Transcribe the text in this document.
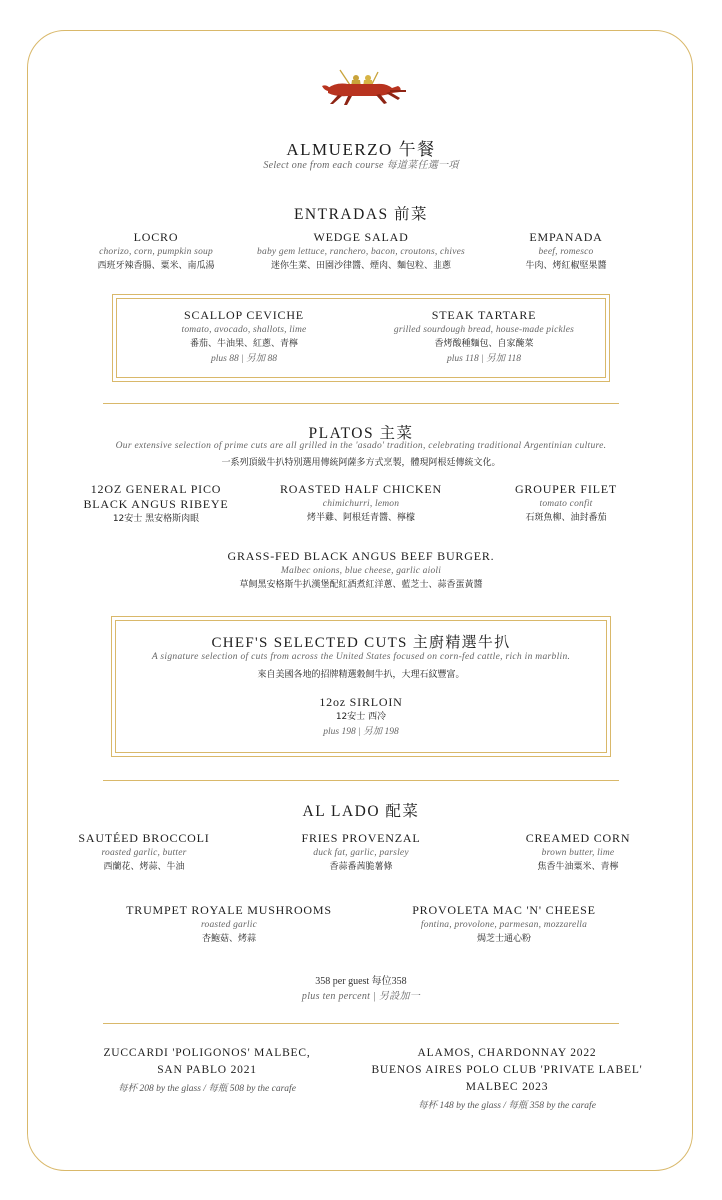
ALMUERZO 午餐
Select one from each course 每道菜任選一項
ENTRADAS 前菜
LOCRO
chorizo, corn, pumpkin soup
西班牙辣香腸、粟米、南瓜湯
WEDGE SALAD
baby gem lettuce, ranchero, bacon, croutons, chives
迷你生菜、田園沙律醬、煙肉、麵包粒、韭蔥
EMPANADA
beef, romesco
牛肉、烤紅椒堅果醬
SCALLOP CEVICHE
tomato, avocado, shallots, lime
番茄、牛油果、紅蔥、青檸
plus 88 | 另加 88
STEAK TARTARE
grilled sourdough bread, house-made pickles
香烤酸種麵包、自家醃菜
plus 118 | 另加 118
PLATOS 主菜
Our extensive selection of prime cuts are all grilled in the 'asado' tradition, celebrating traditional Argentinian culture.
一系列頂級牛扒特別選用傳統阿薩多方式烹製，體現阿根廷傳統文化。
12OZ GENERAL PICO
BLACK ANGUS RIBEYE
12安士 黑安格斯肉眼
ROASTED HALF CHICKEN
chimichurri, lemon
烤半雞、阿根廷青醬、檸檬
GROUPER FILET
tomato confit
石斑魚柳、油封番茄
GRASS-FED BLACK ANGUS BEEF BURGER.
Malbec onions, blue cheese, garlic aioli
草飼黑安格斯牛扒漢堡配紅酒煮紅洋蔥、藍芝士、蒜香蛋黃醬
CHEF'S SELECTED CUTS 主廚精選牛扒
A signature selection of cuts from across the United States focused on corn-fed cattle, rich in marblin.
來自美國各地的招牌精選穀飼牛扒，大理石紋豐富。
12oz SIRLOIN
12安士 西冷
plus 198 | 另加 198
AL LADO 配菜
SAUTÉED BROCCOLI
roasted garlic, butter
西蘭花、烤蒜、牛油
FRIES PROVENZAL
duck fat, garlic, parsley
香蒜番茜脆薯條
CREAMED CORN
brown butter, lime
焦香牛油粟米、青檸
TRUMPET ROYALE MUSHROOMS
roasted garlic
杏鮑菇、烤蒜
PROVOLETA MAC 'N' CHEESE
fontina, provolone, parmesan, mozzarella
焗芝士通心粉
358 per guest 每位358
plus ten percent | 另設加一
ZUCCARDI 'POLIGONOS' MALBEC,
SAN PABLO 2021
每杯 208 by the glass / 每瓶 508 by the carafe
ALAMOS, CHARDONNAY 2022
BUENOS AIRES POLO CLUB 'PRIVATE LABEL'
MALBEC 2023
每杯 148 by the glass / 每瓶 358 by the carafe
